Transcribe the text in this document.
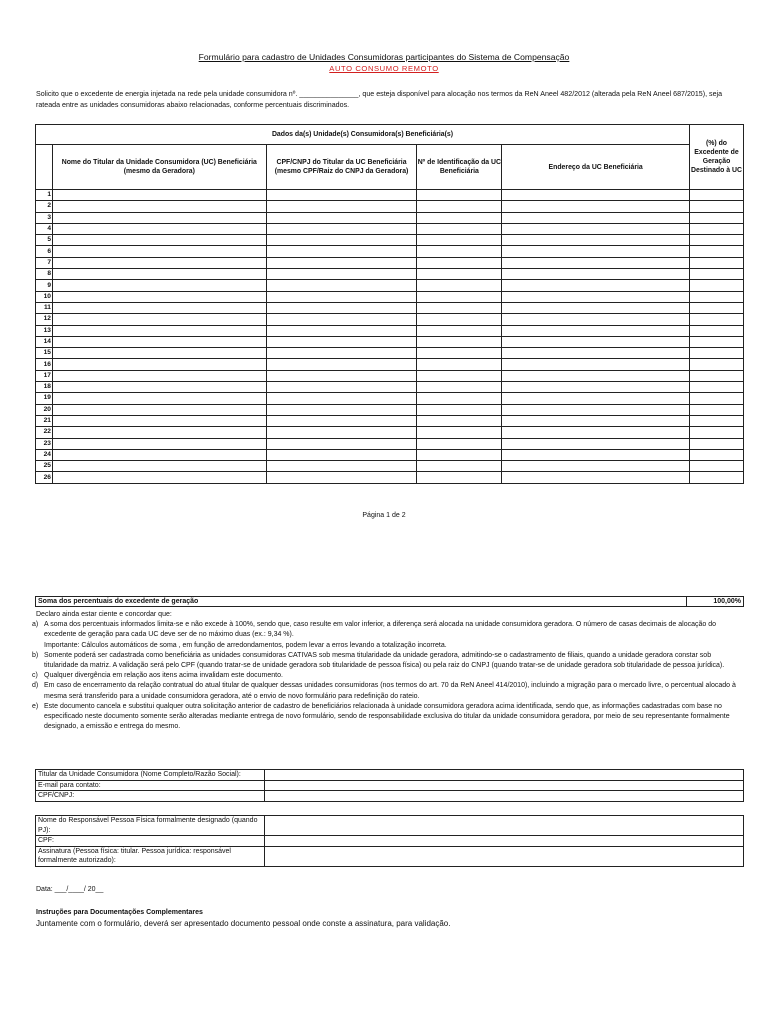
Formulário para cadastro de Unidades Consumidoras participantes do Sistema de Compensação
AUTO CONSUMO REMOTO
Solicito que o excedente de energia injetada na rede pela unidade consumidora nº. _______________, que esteja disponível para alocação nos termos da ReN Aneel 482/2012 (alterada pela ReN Aneel 687/2015), seja rateada entre as unidades consumidoras abaixo relacionadas, conforme percentuais discriminados.
Dados da(s) Unidade(s) Consumidora(s) Beneficiária(s)					(%) do Excedente de Geração Destinado à UC
	Nome do Titular da Unidade Consumidora (UC) Beneficiária (mesmo da Geradora)	CPF/CNPJ do Titular da UC Beneficiária (mesmo CPF/Raiz do CNPJ da Geradora)	Nº de Identificação da UC Beneficiária	Endereço da UC Beneficiária	
1					
2					
3					
4					
5					
6					
7					
8					
9					
10					
11					
12					
13					
14					
15					
16					
17					
18					
19					
20					
21					
22					
23					
24					
25					
26					
Página 1 de 2
Soma dos percentuais do excedente de geração	100,00%
Declaro ainda estar ciente e concordar que:
a) A soma dos percentuais informados limita-se e não excede à 100%, sendo que, caso resulte em valor inferior, a diferença será alocada na unidade consumidora geradora. O número de casas decimais de alocação do excedente de geração para cada UC deve ser de no máximo duas (ex.: 9,34 %).
Importante: Cálculos automáticos de soma , em função de arredondamentos, podem levar a erros levando a totalização incorreta.
b) Somente poderá ser cadastrada como beneficiária as unidades consumidoras CATIVAS sob mesma titularidade da unidade geradora, admitindo-se o cadastramento de filiais, quando a unidade geradora constar sob titularidade da matriz. A validação será pelo CPF (quando tratar-se de unidade geradora sob titularidade de pessoa física) ou pela raiz do CNPJ (quando tratar-se de unidade geradora sob titularidade de pessoa jurídica).
c) Qualquer divergência em relação aos itens acima invalidam este documento.
d) Em caso de encerramento da relação contratual do atual titular de qualquer dessas unidades consumidoras (nos termos do art. 70 da ReN Aneel 414/2010), incluindo a migração para o mercado livre, o percentual alocado à mesma será transferido para a unidade consumidora geradora, até o envio de novo formulário para redefinição do rateio.
e) Este documento cancela e substitui qualquer outra solicitação anterior de cadastro de beneficiários relacionada à unidade consumidora geradora acima identificada, sendo que, as informações cadastradas com base no especificado neste documento somente serão alteradas mediante entrega de novo formulário, sendo de responsabilidade exclusiva do titular da unidade consumidora geradora, por meio de seu representante formalmente designado, a emissão e entrega do mesmo.
Titular da Unidade Consumidora (Nome Completo/Razão Social):	
E-mail para contato:	
CPF/CNPJ:	
Nome do Responsável Pessoa Física formalmente designado (quando PJ):	
CPF:	
Assinatura (Pessoa física: titular. Pessoa jurídica: responsável formalmente autorizado):	
Data: ___/____/ 20__
Instruções para Documentações Complementares
Juntamente com o formulário, deverá ser apresentado documento pessoal onde conste a assinatura, para validação.
